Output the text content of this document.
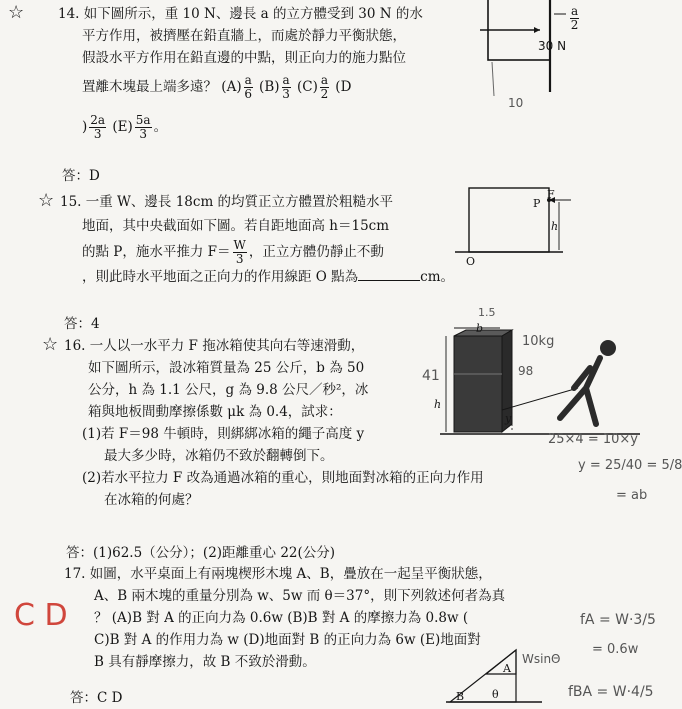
☆	14. 如下圖所示，重 10 N、邊長 a 的立方體受到 30 N 的水
平方作用，被擠壓在鉛直牆上，而處於靜力平衡狀態，
假設水平方作用在鉛直邊的中點，則正向力的施力點位
置離木塊最上端多遠？ $(A) \frac{a}{6} (B) \frac{a}{3} (C) \frac{a}{2} (D$
) $\frac{2a}{3} (E) \frac{5a}{3}$ 。
答：D
30 N
$\frac{a}{2}$
10
☆ 15. 一重 W、邊長 18cm 的均質正立方體置於粗糙水平
地面，其中央截面如下圖。若自距地面高 h＝15cm
的點 P，施水平推力 $F= \frac{W}{3}$ ，正立方體仍靜止不動
，則此時水平地面之正向力的作用線距 O 點為	cm。
答：4
F
P
h
O
☆ 16. 一人以一水平力 F 拖冰箱使其向右等速滑動，
如下圖所示，設冰箱質量為 25 公斤，b 為 50
公分，h 為 1.1 公尺，g 為 9.8 公尺／秒²，冰
箱與地板間動摩擦係數 μk 為 0.4，試求：
(1)若 F＝98 牛頓時，則綁綁冰箱的繩子高度 y
最大多少時，冰箱仍不致於翻轉倒下。
(2)若水平拉力 F 改為通過冰箱的重心，則地面對冰箱的正向力作用
在冰箱的何處？
答：(1)62.5（公分）；(2)距離重心 22(公分)
b
h
y
1.5
10kg
98
41
25×4 = 10×y
y = 25/40 = 5/8
= ab
17. 如圖，水平桌面上有兩塊楔形木塊 A、B，疊放在一起呈平衡狀態，
A、B 兩木塊的重量分別為 w、5w 而 θ＝37°，則下列敘述何者為真
？ (A)B 對 A 的正向力為 0.6w (B)B 對 A 的摩擦力為 0.8w (
C)B 對 A 的作用力為 w (D)地面對 B 的正向力為 6w (E)地面對
B 具有靜摩擦力，故 B 不致於滑動。
答：C D
C D
A
B	θ
fA = W·3/5
= 0.6w
WsinΘ
fBA = W·4/5
